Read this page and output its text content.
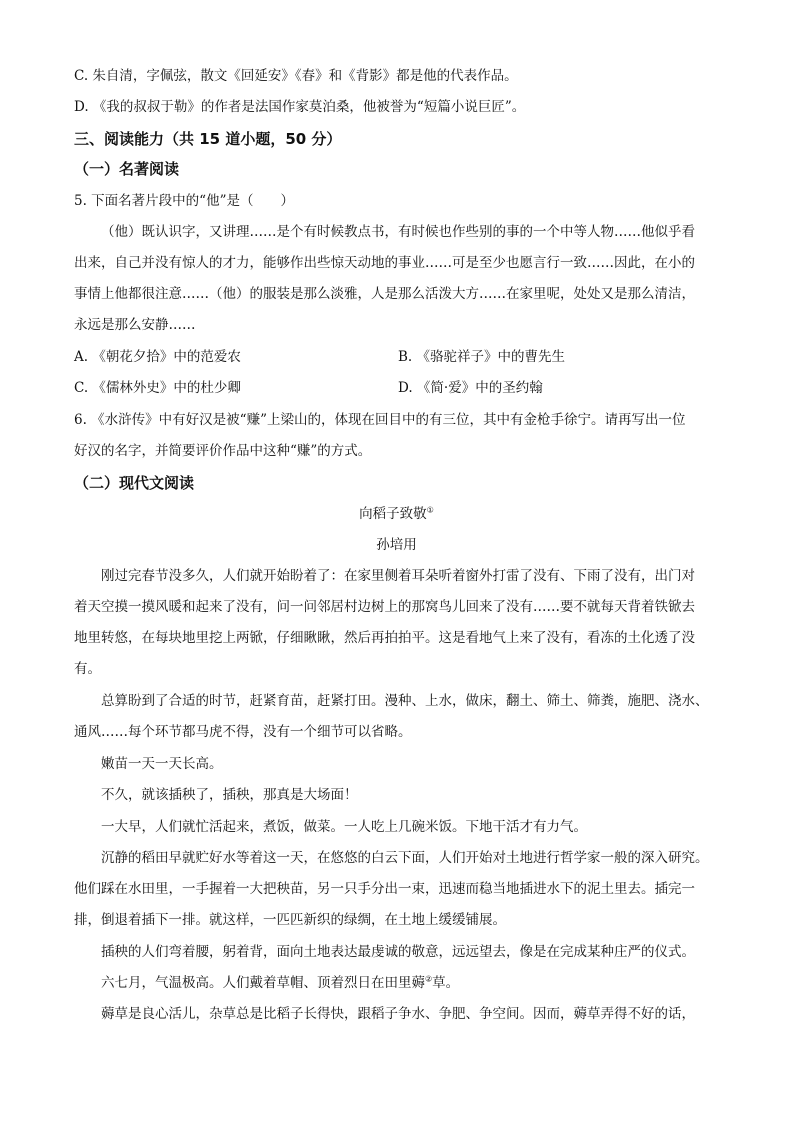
C. 朱自清，字佩弦，散文《回延安》《春》和《背影》都是他的代表作品。
D. 《我的叔叔于勒》的作者是法国作家莫泊桑，他被誉为“短篇小说巨匠”。
三、阅读能力（共 15 道小题，50 分）
（一）名著阅读
5. 下面名著片段中的“他”是（　　）
（他）既认识字，又讲理……是个有时候教点书，有时候也作些别的事的一个中等人物……他似乎看
出来，自己并没有惊人的才力，能够作出些惊天动地的事业……可是至少也愿言行一致……因此，在小的
事情上他都很注意……（他）的服装是那么淡雅，人是那么活泼大方……在家里呢，处处又是那么清洁，
永远是那么安静……
A. 《朝花夕拾》中的范爱农	B. 《骆驼祥子》中的曹先生
C. 《儒林外史》中的杜少卿	D. 《简·爱》中的圣约翰
6. 《水浒传》中有好汉是被“赚”上梁山的，体现在回目中的有三位，其中有金枪手徐宁。请再写出一位
好汉的名字，并简要评价作品中这种“赚”的方式。
（二）现代文阅读
向稻子致敬①
孙培用
刚过完春节没多久，人们就开始盼着了：在家里侧着耳朵听着窗外打雷了没有、下雨了没有，出门对
着天空摸一摸风暖和起来了没有，问一问邻居村边树上的那窝鸟儿回来了没有……要不就每天背着铁锨去
地里转悠，在每块地里挖上两锨，仔细瞅瞅，然后再拍拍平。这是看地气上来了没有，看冻的土化透了没
有。
总算盼到了合适的时节，赶紧育苗，赶紧打田。漫种、上水，做床，翻土、筛土、筛粪，施肥、浇水、
通风……每个环节都马虎不得，没有一个细节可以省略。
嫩苗一天一天长高。
不久，就该插秧了，插秧，那真是大场面！
一大早，人们就忙活起来，煮饭，做菜。一人吃上几碗米饭。下地干活才有力气。
沉静的稻田早就贮好水等着这一天，在悠悠的白云下面，人们开始对土地进行哲学家一般的深入研究。
他们踩在水田里，一手握着一大把秧苗，另一只手分出一束，迅速而稳当地插进水下的泥土里去。插完一
排，倒退着插下一排。就这样，一匹匹新织的绿绸，在土地上缓缓铺展。
插秧的人们弯着腰，躬着背，面向土地表达最虔诚的敬意，远远望去，像是在完成某种庄严的仪式。
六七月，气温极高。人们戴着草帽、顶着烈日在田里薅②草。
薅草是良心活儿，杂草总是比稻子长得快，跟稻子争水、争肥、争空间。因而，薅草弄得不好的话，
